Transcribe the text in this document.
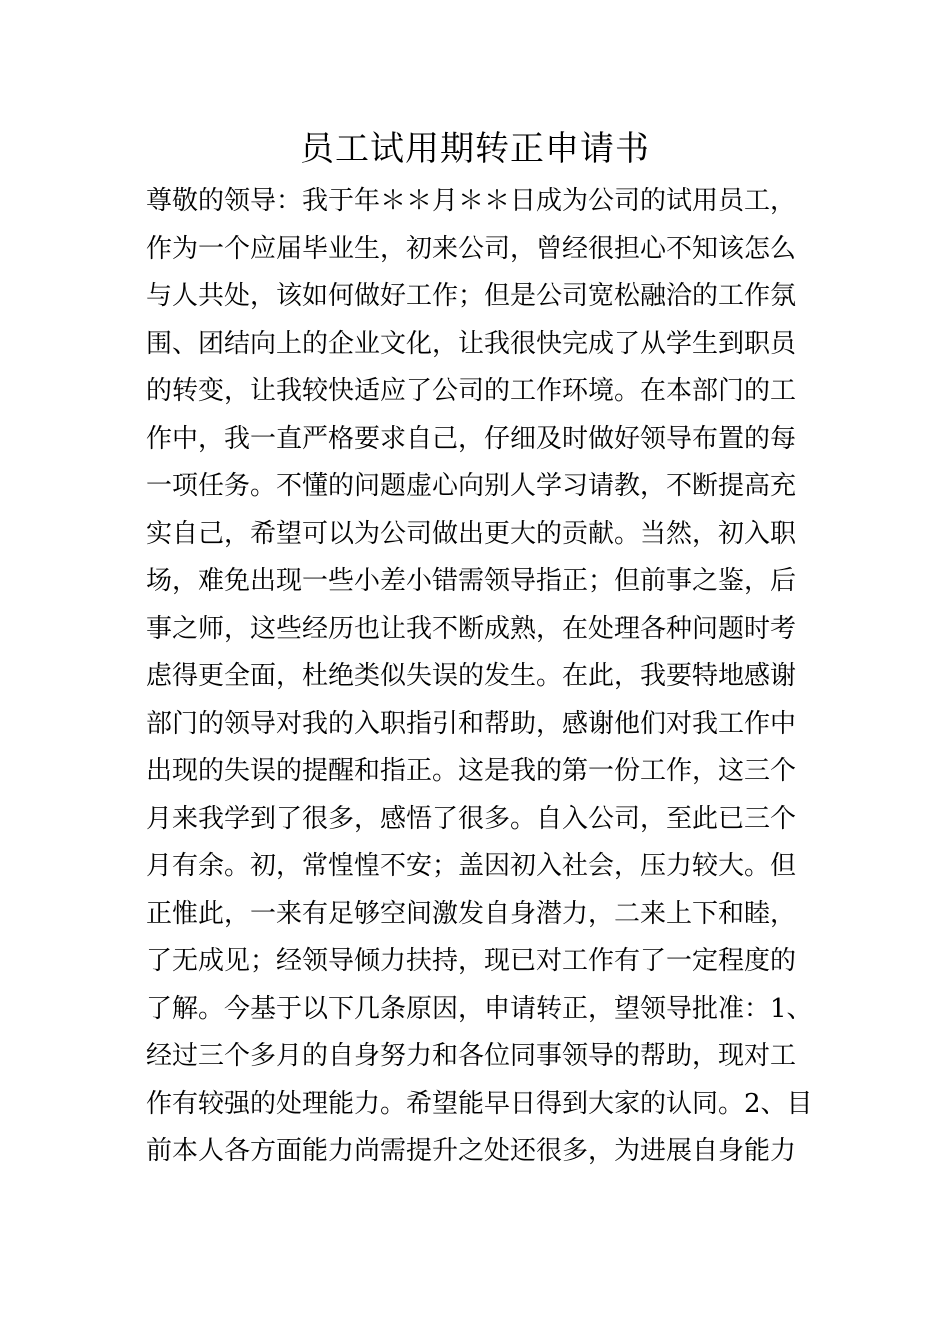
员工试用期转正申请书
尊敬的领导：我于年＊＊月＊＊日成为公司的试用员工，
作为一个应届毕业生，初来公司，曾经很担心不知该怎么
与人共处，该如何做好工作；但是公司宽松融洽的工作氛
围、团结向上的企业文化，让我很快完成了从学生到职员
的转变，让我较快适应了公司的工作环境。在本部门的工
作中，我一直严格要求自己，仔细及时做好领导布置的每
一项任务。不懂的问题虚心向别人学习请教，不断提高充
实自己，希望可以为公司做出更大的贡献。当然，初入职
场，难免出现一些小差小错需领导指正；但前事之鉴，后
事之师，这些经历也让我不断成熟，在处理各种问题时考
虑得更全面，杜绝类似失误的发生。在此，我要特地感谢
部门的领导对我的入职指引和帮助，感谢他们对我工作中
出现的失误的提醒和指正。这是我的第一份工作，这三个
月来我学到了很多，感悟了很多。自入公司，至此已三个
月有余。初，常惶惶不安；盖因初入社会，压力较大。但
正惟此，一来有足够空间激发自身潜力，二来上下和睦，
了无成见；经领导倾力扶持，现已对工作有了一定程度的
了解。今基于以下几条原因，申请转正，望领导批准：1、
经过三个多月的自身努力和各位同事领导的帮助，现对工
作有较强的处理能力。希望能早日得到大家的认同。2、目
前本人各方面能力尚需提升之处还很多，为进展自身能力
